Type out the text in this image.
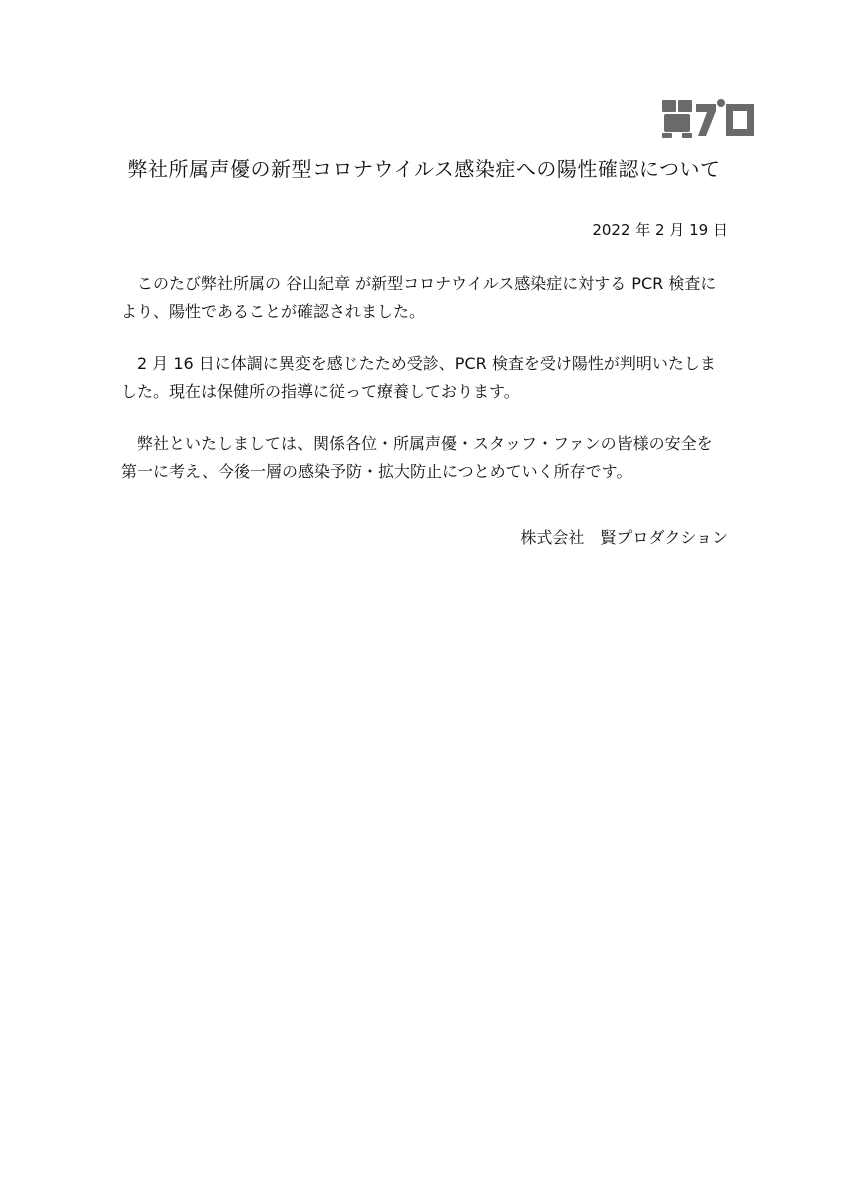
弊社所属声優の新型コロナウイルス感染症への陽性確認について
2022 年 2 月 19 日

このたび弊社所属の 谷山紀章 が新型コロナウイルス感染症に対する PCR 検査により、陽性であることが確認されました。

2 月 16 日に体調に異変を感じたため受診、PCR 検査を受け陽性が判明いたしました。現在は保健所の指導に従って療養しております。

弊社といたしましては、関係各位・所属声優・スタッフ・ファンの皆様の安全を第一に考え、今後一層の感染予防・拡大防止につとめていく所存です。

株式会社　賢プロダクション
